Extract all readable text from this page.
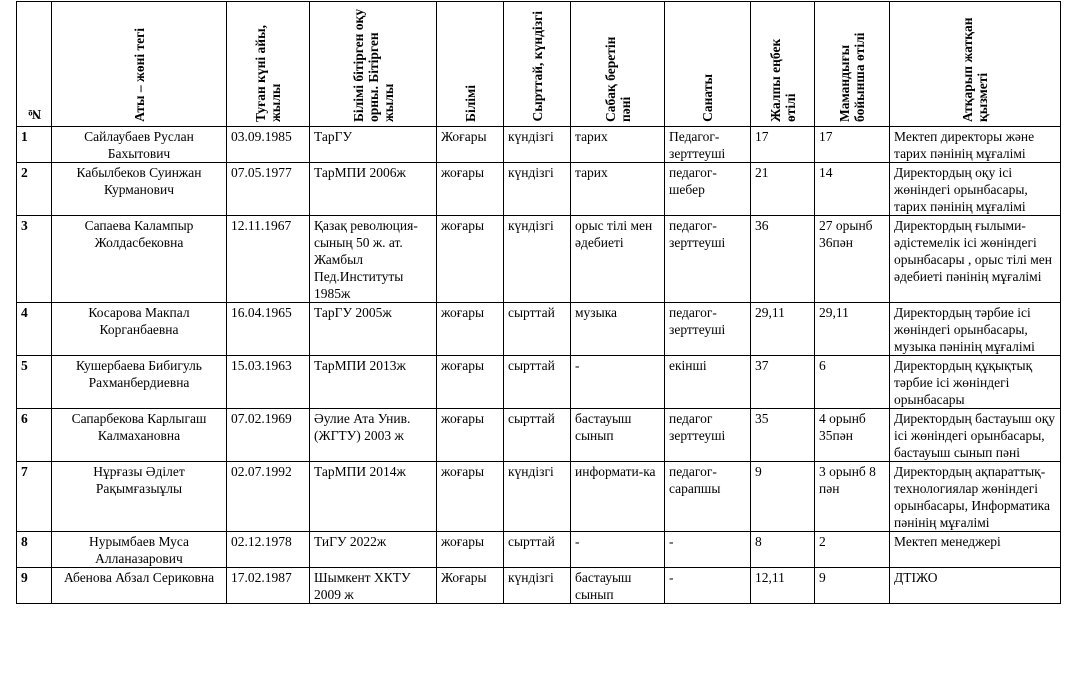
№	Аты – жөні тегі	Туған күні айы, жылы	Білімі бітірген оқу орны. Бітірген жылы	Білімі	Сырттай, күндізгі	Сабақ беретін пәні	Санаты	Жалпы еңбек өтілі	Мамандығы бойынша өтілі	Атқарып жатқан қызметі

1	Сайлаубаев Руслан Бахытович	03.09.1985	ТарГУ	Жоғары	күндізгі	тарих	Педагог-зерттеуші	17	17	Мектеп директоры және тарих пәнінің мұғалімі
2	Кабылбеков Суинжан Курманович	07.05.1977	ТарМПИ 2006ж	жоғары	күндізгі	тарих	педагог-шебер	21	14	Директордың оқу ісі жөніндегі орынбасары, тарих пәнінің мұғалімі
3	Сапаева Калампыр Жолдасбековна	12.11.1967	Қазақ революция-сының 50 ж. ат. Жамбыл Пед.Институты 1985ж	жоғары	күндізгі	орыс тілі мен әдебиеті	педагог-зерттеуші	36	27 орынб 36пән	Директордың ғылыми-әдістемелік ісі жөніндегі орынбасары , орыс тілі мен әдебиеті пәнінің мұғалімі
4	Косарова Макпал Корганбаевна	16.04.1965	ТарГУ 2005ж	жоғары	сырттай	музыка	педагог-зерттеуші	29,11	29,11	Директордың тәрбие ісі жөніндегі орынбасары, музыка пәнінің мұғалімі
5	Кушербаева Бибигуль Рахманбердиевна	15.03.1963	ТарМПИ 2013ж	жоғары	сырттай	-	екінші	37	6	Директордың құқықтық тәрбие ісі жөніндегі орынбасары
6	Сапарбекова Карлыгаш Калмахановна	07.02.1969	Әулие Ата Унив. (ЖГТУ) 2003 ж	жоғары	сырттай	бастауыш сынып	педагог зерттеуші	35	4 орынб 35пән	Директордың бастауыш оқу ісі жөніндегі орынбасары, бастауыш сынып пәні
7	Нұрғазы Әділет Рақымғазыұлы	02.07.1992	ТарМПИ 2014ж	жоғары	күндізгі	информати-ка	педагог-сарапшы	9	3 орынб 8 пән	Директордың ақпараттық-технологиялар жөніндегі орынбасары, Информатика пәнінің мұғалімі
8	Нурымбаев Муса Алланазарович	02.12.1978	ТиГУ 2022ж	жоғары	сырттай	-	-	8	2	Мектеп менеджері
9	Абенова Абзал Сериковна	17.02.1987	Шымкент ХКТУ 2009 ж	Жоғары	күндізгі	бастауыш сынып	-	12,11	9	ДТІЖО
